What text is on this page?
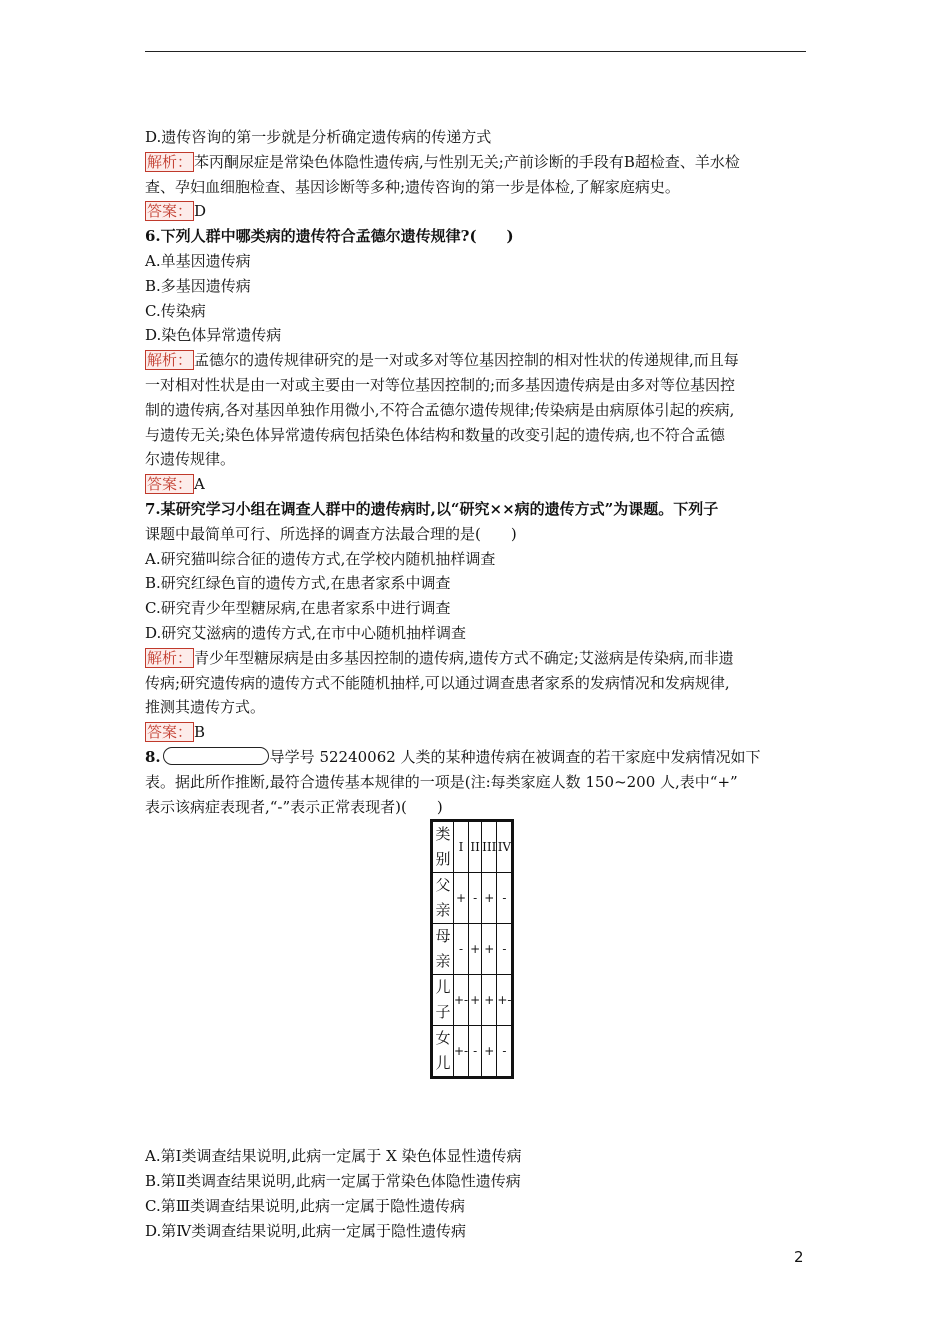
D.遗传咨询的第一步就是分析确定遗传病的传递方式
解析： 苯丙酮尿症是常染色体隐性遗传病,与性别无关;产前诊断的手段有B超检查、羊水检
查、孕妇血细胞检查、基因诊断等多种;遗传咨询的第一步是体检,了解家庭病史。
答案： D
6.下列人群中哪类病的遗传符合孟德尔遗传规律?(　　)
A.单基因遗传病
B.多基因遗传病
C.传染病
D.染色体异常遗传病
解析： 孟德尔的遗传规律研究的是一对或多对等位基因控制的相对性状的传递规律,而且每
一对相对性状是由一对或主要由一对等位基因控制的;而多基因遗传病是由多对等位基因控
制的遗传病,各对基因单独作用微小,不符合孟德尔遗传规律;传染病是由病原体引起的疾病,
与遗传无关;染色体异常遗传病包括染色体结构和数量的改变引起的遗传病,也不符合孟德
尔遗传规律。
答案： A
7.某研究学习小组在调查人群中的遗传病时,以“研究××病的遗传方式”为课题。下列子
课题中最简单可行、所选择的调查方法最合理的是(　　)
A.研究猫叫综合征的遗传方式,在学校内随机抽样调查
B.研究红绿色盲的遗传方式,在患者家系中调查
C.研究青少年型糖尿病,在患者家系中进行调查
D.研究艾滋病的遗传方式,在市中心随机抽样调查
解析： 青少年型糖尿病是由多基因控制的遗传病,遗传方式不确定;艾滋病是传染病,而非遗
传病;研究遗传病的遗传方式不能随机抽样,可以通过调查患者家系的发病情况和发病规律,
推测其遗传方式。
答案： B
8.	导学号 52240062 人类的某种遗传病在被调查的若干家庭中发病情况如下
表。据此所作推断,最符合遗传基本规律的一项是(注:每类家庭人数 150~200 人,表中“+”
表示该病症表现者,“-”表示正常表现者)(　　)
类别	I	II	III	IV
父亲	+	-	+	-
母亲	-	+	+	-
儿子	+-	+	+	+-
女儿	+-	-	+	-
A.第Ⅰ类调查结果说明,此病一定属于 X 染色体显性遗传病
B.第Ⅱ类调查结果说明,此病一定属于常染色体隐性遗传病
C.第Ⅲ类调查结果说明,此病一定属于隐性遗传病
D.第Ⅳ类调查结果说明,此病一定属于隐性遗传病
2
